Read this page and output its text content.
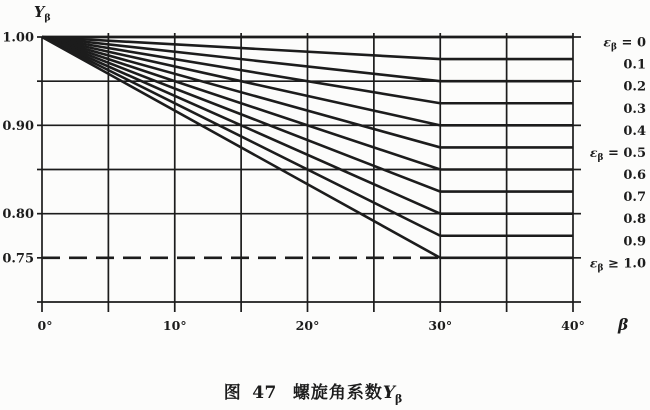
1.00
0.90
0.80
0.75
0°	10°	20°	30°	40° β
$Y_\beta$
$\varepsilon_\beta = 0$
0.1
0.2
0.3
0.4
$\varepsilon_\beta = 0.5$
0.6
0.7
0.8
0.9
$\varepsilon_\beta \ge 1.0$
图 47 螺旋角系数$Y_\beta$
